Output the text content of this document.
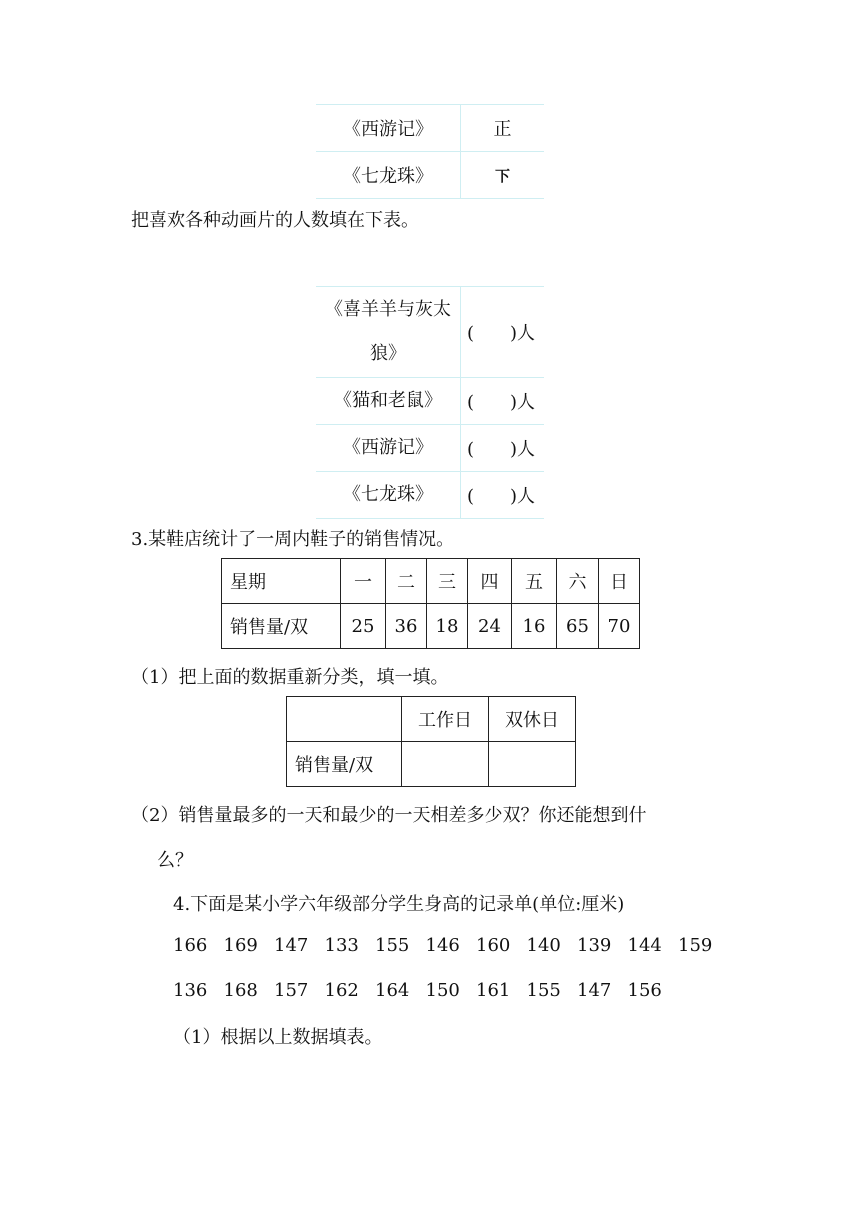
《西游记》	正
《七龙珠》	下
把喜欢各种动画片的人数填在下表。
《喜羊羊与灰太
狼》	(　　)人
《猫和老鼠》	(　　)人
《西游记》	(　　)人
《七龙珠》	(　　)人
3.某鞋店统计了一周内鞋子的销售情况。
星期	一	二	三	四	五	六	日
销售量/双	25	36	18	24	16	65	70
（1）把上面的数据重新分类，填一填。
	工作日	双休日
销售量/双		
（2）销售量最多的一天和最少的一天相差多少双？你还能想到什
么？
4.下面是某小学六年级部分学生身高的记录单(单位:厘米)
166 169 147 133 155 146 160 140 139 144 159
136 168 157 162 164 150 161 155 147 156
（1）根据以上数据填表。
